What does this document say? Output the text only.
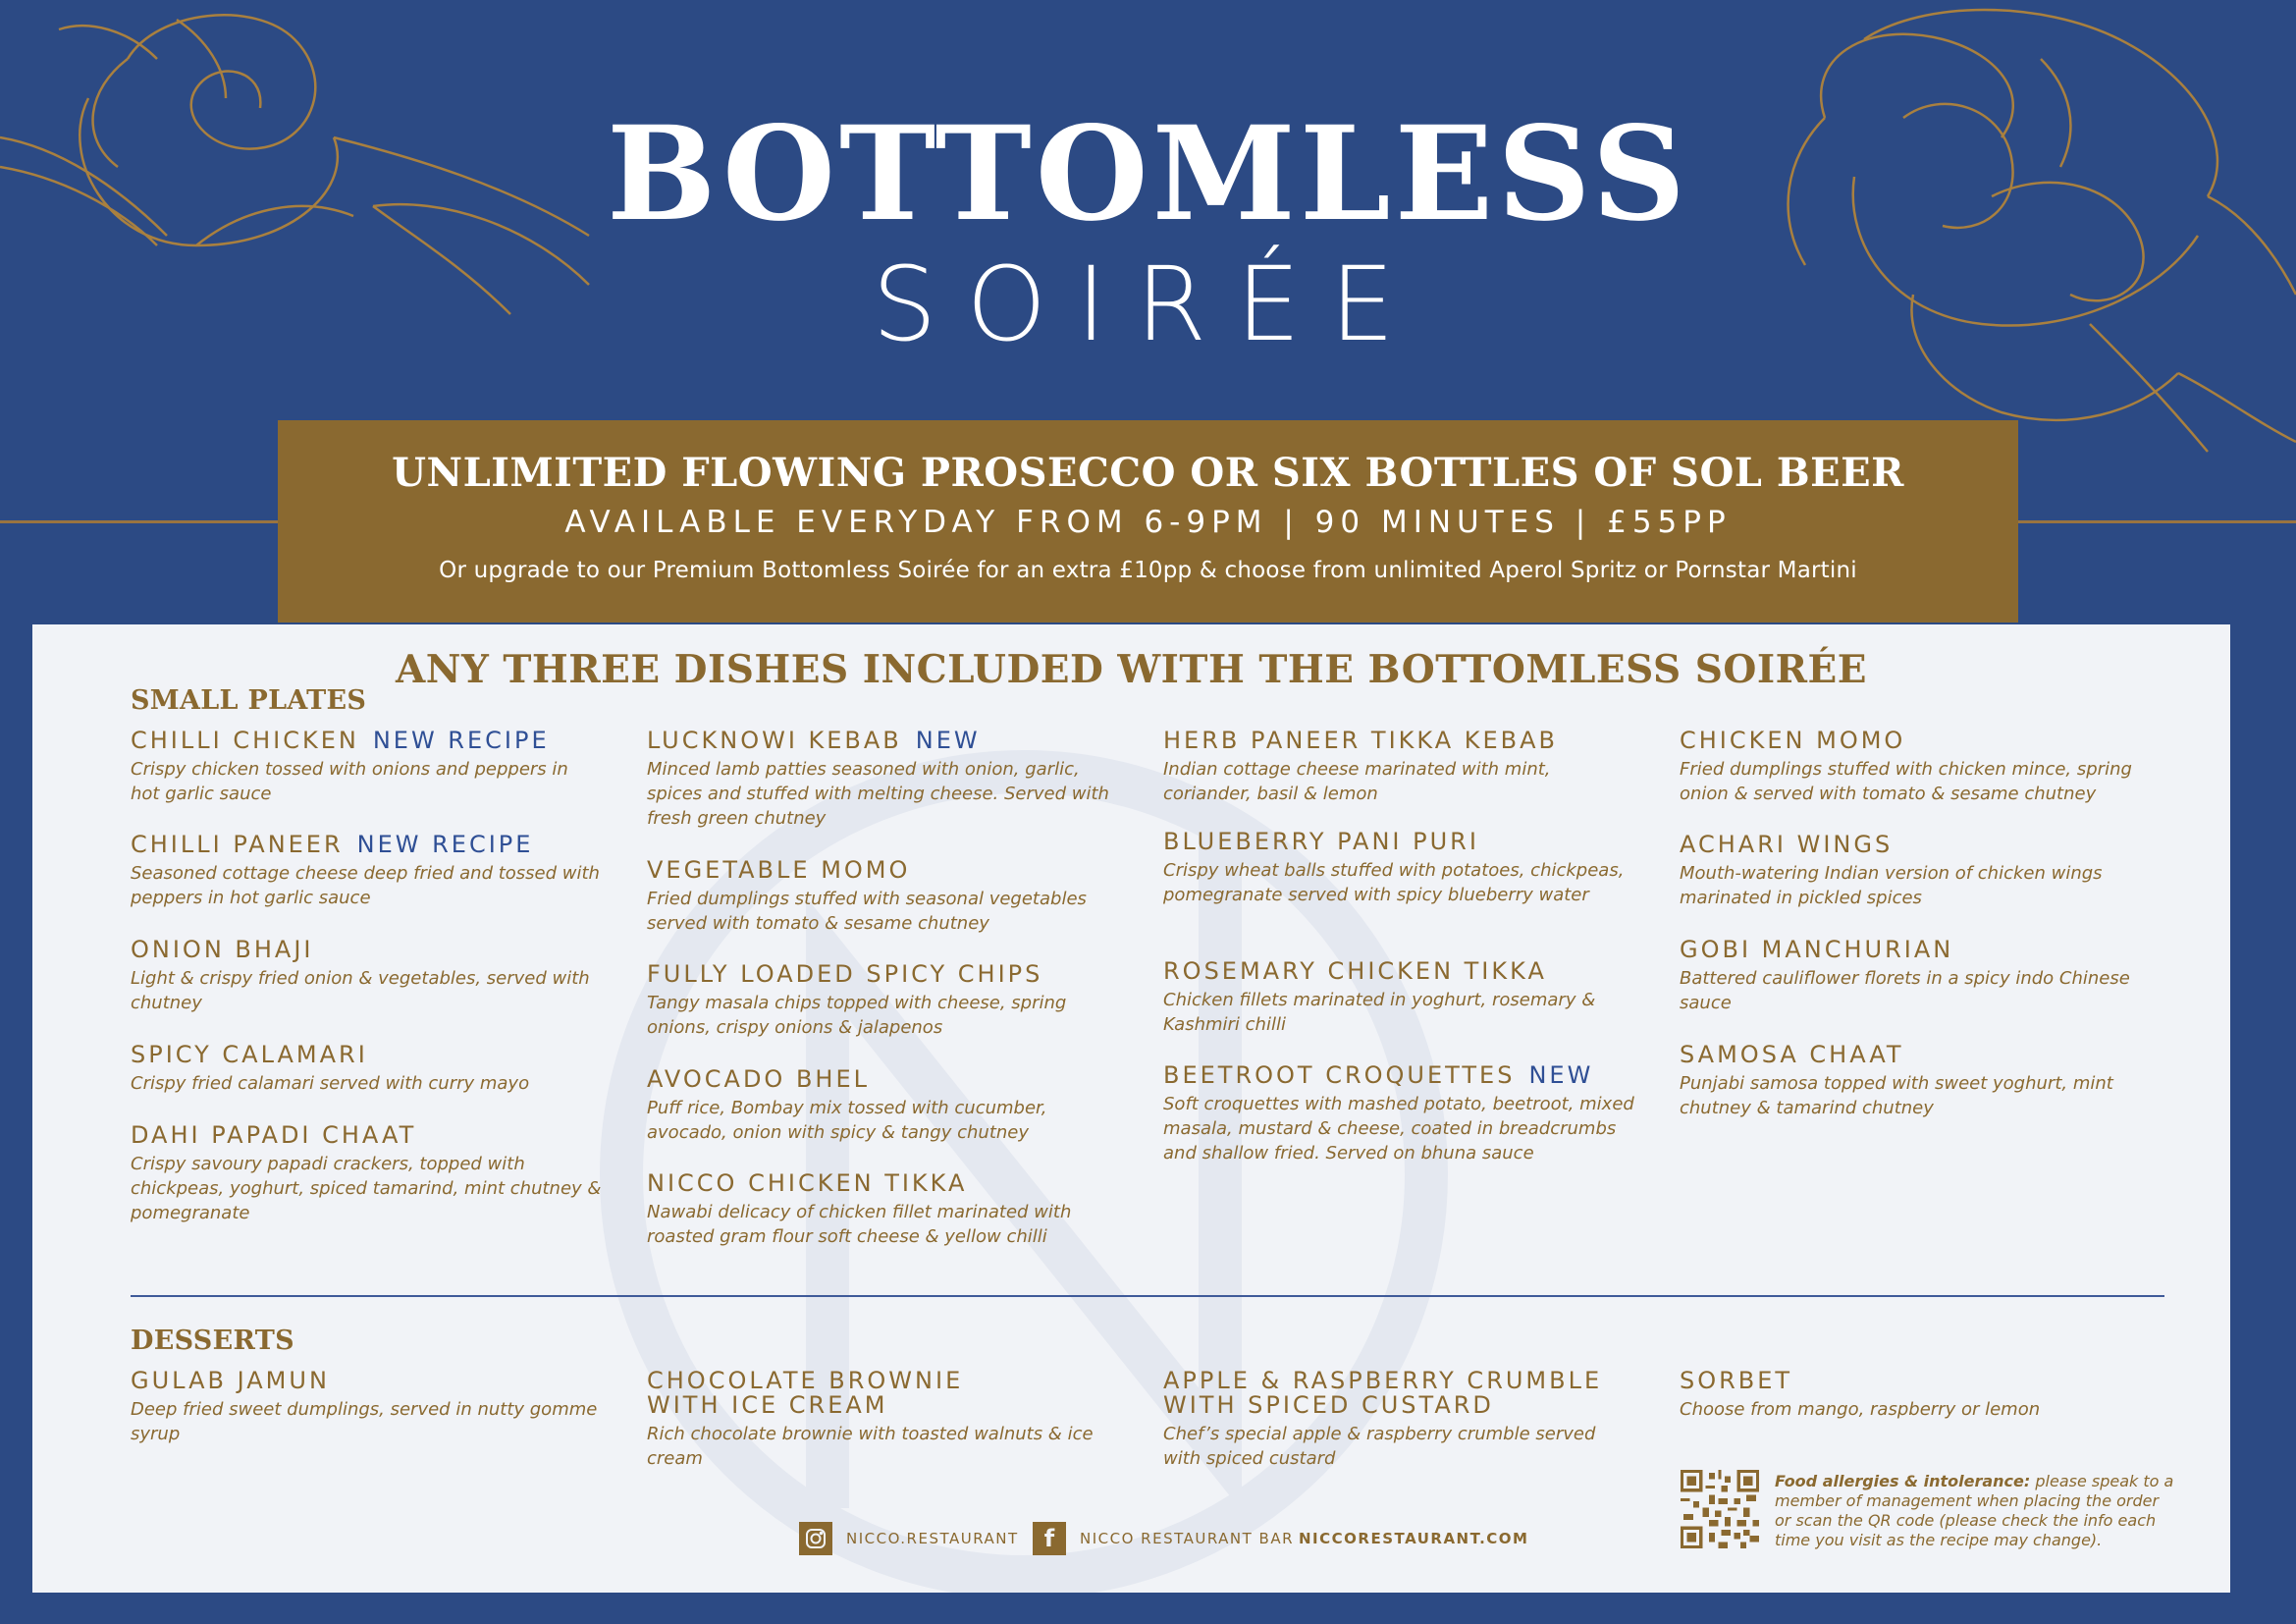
BOTTOMLESS
SOIRÉE
UNLIMITED FLOWING PROSECCO OR SIX BOTTLES OF SOL BEER
AVAILABLE EVERYDAY FROM 6-9PM | 90 MINUTES | £55PP
Or upgrade to our Premium Bottomless Soirée for an extra £10pp & choose from unlimited Aperol Spritz or Pornstar Martini
ANY THREE DISHES INCLUDED WITH THE BOTTOMLESS SOIRÉE
SMALL PLATES
CHILLI CHICKEN NEW RECIPE
Crispy chicken tossed with onions and peppers in hot garlic sauce
CHILLI PANEER NEW RECIPE
Seasoned cottage cheese deep fried and tossed with peppers in hot garlic sauce
ONION BHAJI
Light & crispy fried onion & vegetables, served with chutney
SPICY CALAMARI
Crispy fried calamari served with curry mayo
DAHI PAPADI CHAAT
Crispy savoury papadi crackers, topped with chickpeas, yoghurt, spiced tamarind, mint chutney & pomegranate
LUCKNOWI KEBAB NEW
Minced lamb patties seasoned with onion, garlic, spices and stuffed with melting cheese. Served with fresh green chutney
VEGETABLE MOMO
Fried dumplings stuffed with seasonal vegetables served with tomato & sesame chutney
FULLY LOADED SPICY CHIPS
Tangy masala chips topped with cheese, spring onions, crispy onions & jalapenos
AVOCADO BHEL
Puff rice, Bombay mix tossed with cucumber, avocado, onion with spicy & tangy chutney
NICCO CHICKEN TIKKA
Nawabi delicacy of chicken fillet marinated with roasted gram flour soft cheese & yellow chilli
HERB PANEER TIKKA KEBAB
Indian cottage cheese marinated with mint, coriander, basil & lemon
BLUEBERRY PANI PURI
Crispy wheat balls stuffed with potatoes, chickpeas, pomegranate served with spicy blueberry water
ROSEMARY CHICKEN TIKKA
Chicken fillets marinated in yoghurt, rosemary & Kashmiri chilli
BEETROOT CROQUETTES NEW
Soft croquettes with mashed potato, beetroot, mixed masala, mustard & cheese, coated in breadcrumbs and shallow fried. Served on bhuna sauce
CHICKEN MOMO
Fried dumplings stuffed with chicken mince, spring onion & served with tomato & sesame chutney
ACHARI WINGS
Mouth-watering Indian version of chicken wings marinated in pickled spices
GOBI MANCHURIAN
Battered cauliflower florets in a spicy indo Chinese sauce
SAMOSA CHAAT
Punjabi samosa topped with sweet yoghurt, mint chutney & tamarind chutney
DESSERTS
GULAB JAMUN
Deep fried sweet dumplings, served in nutty gomme syrup
CHOCOLATE BROWNIE
WITH ICE CREAM
Rich chocolate brownie with toasted walnuts & ice cream
APPLE & RASPBERRY CRUMBLE
WITH SPICED CUSTARD
Chef’s special apple & raspberry crumble served with spiced custard
SORBET
Choose from mango, raspberry or lemon
NICCO.RESTAURANT	f	NICCO RESTAURANT BAR NICCORESTAURANT.COM
Food allergies & intolerance: please speak to a member of management when placing the order or scan the QR code (please check the info each time you visit as the recipe may change).
